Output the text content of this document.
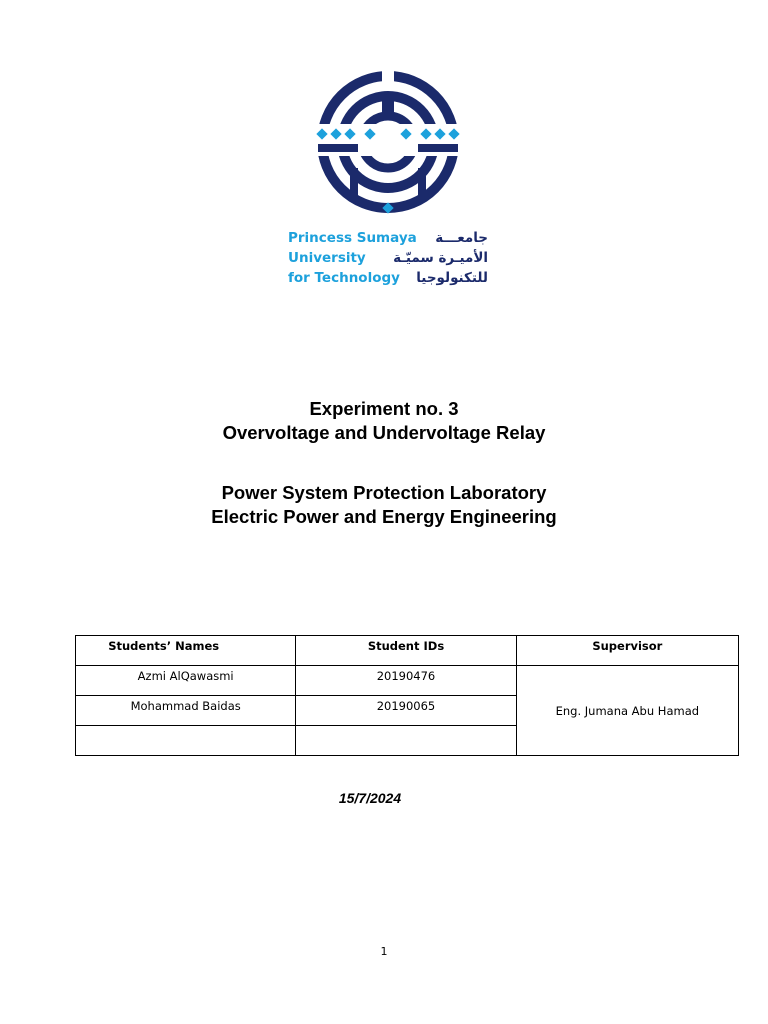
Princess Sumaya
University
for Technology
جامعـــة
الأميـرة سميّـة
للتكنولوجيا
Experiment no. 3
Overvoltage and Undervoltage Relay
Power System Protection Laboratory
Electric Power and Energy Engineering
Students’ Names	Student IDs	Supervisor
Azmi AlQawasmi	20190476	Eng. Jumana Abu Hamad
Mohammad Baidas	20190065	

15/7/2024
1
